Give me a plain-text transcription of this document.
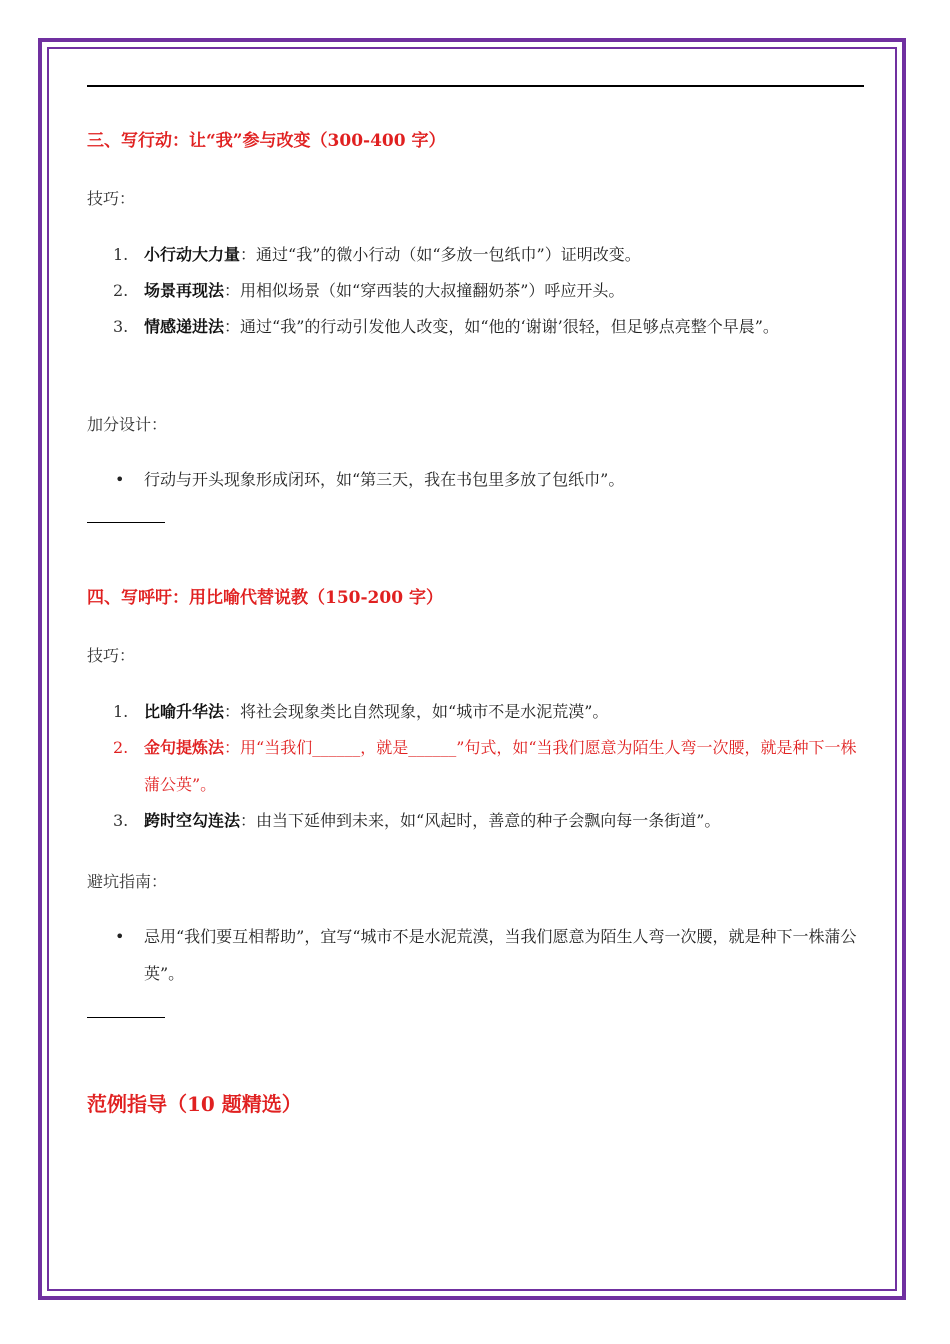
三、写行动：让“我”参与改变（300-400 字）
技巧：
1. 小行动大力量：通过“我”的微小行动（如“多放一包纸巾”）证明改变。
2. 场景再现法：用相似场景（如“穿西装的大叔撞翻奶茶”）呼应开头。
3. 情感递进法：通过“我”的行动引发他人改变，如“他的‘谢谢’很轻，但足够点亮整个早晨”。
加分设计：
• 行动与开头现象形成闭环，如“第三天，我在书包里多放了包纸巾”。
四、写呼吁：用比喻代替说教（150-200 字）
技巧：
1. 比喻升华法：将社会现象类比自然现象，如“城市不是水泥荒漠”。
2. 金句提炼法：用“当我们______，就是______”句式，如“当我们愿意为陌生人弯一次腰，就是种下一株蒲公英”。
3. 跨时空勾连法：由当下延伸到未来，如“风起时，善意的种子会飘向每一条街道”。
避坑指南：
• 忌用“我们要互相帮助”，宜写“城市不是水泥荒漠，当我们愿意为陌生人弯一次腰，就是种下一株蒲公英”。
范例指导（10 题精选）
